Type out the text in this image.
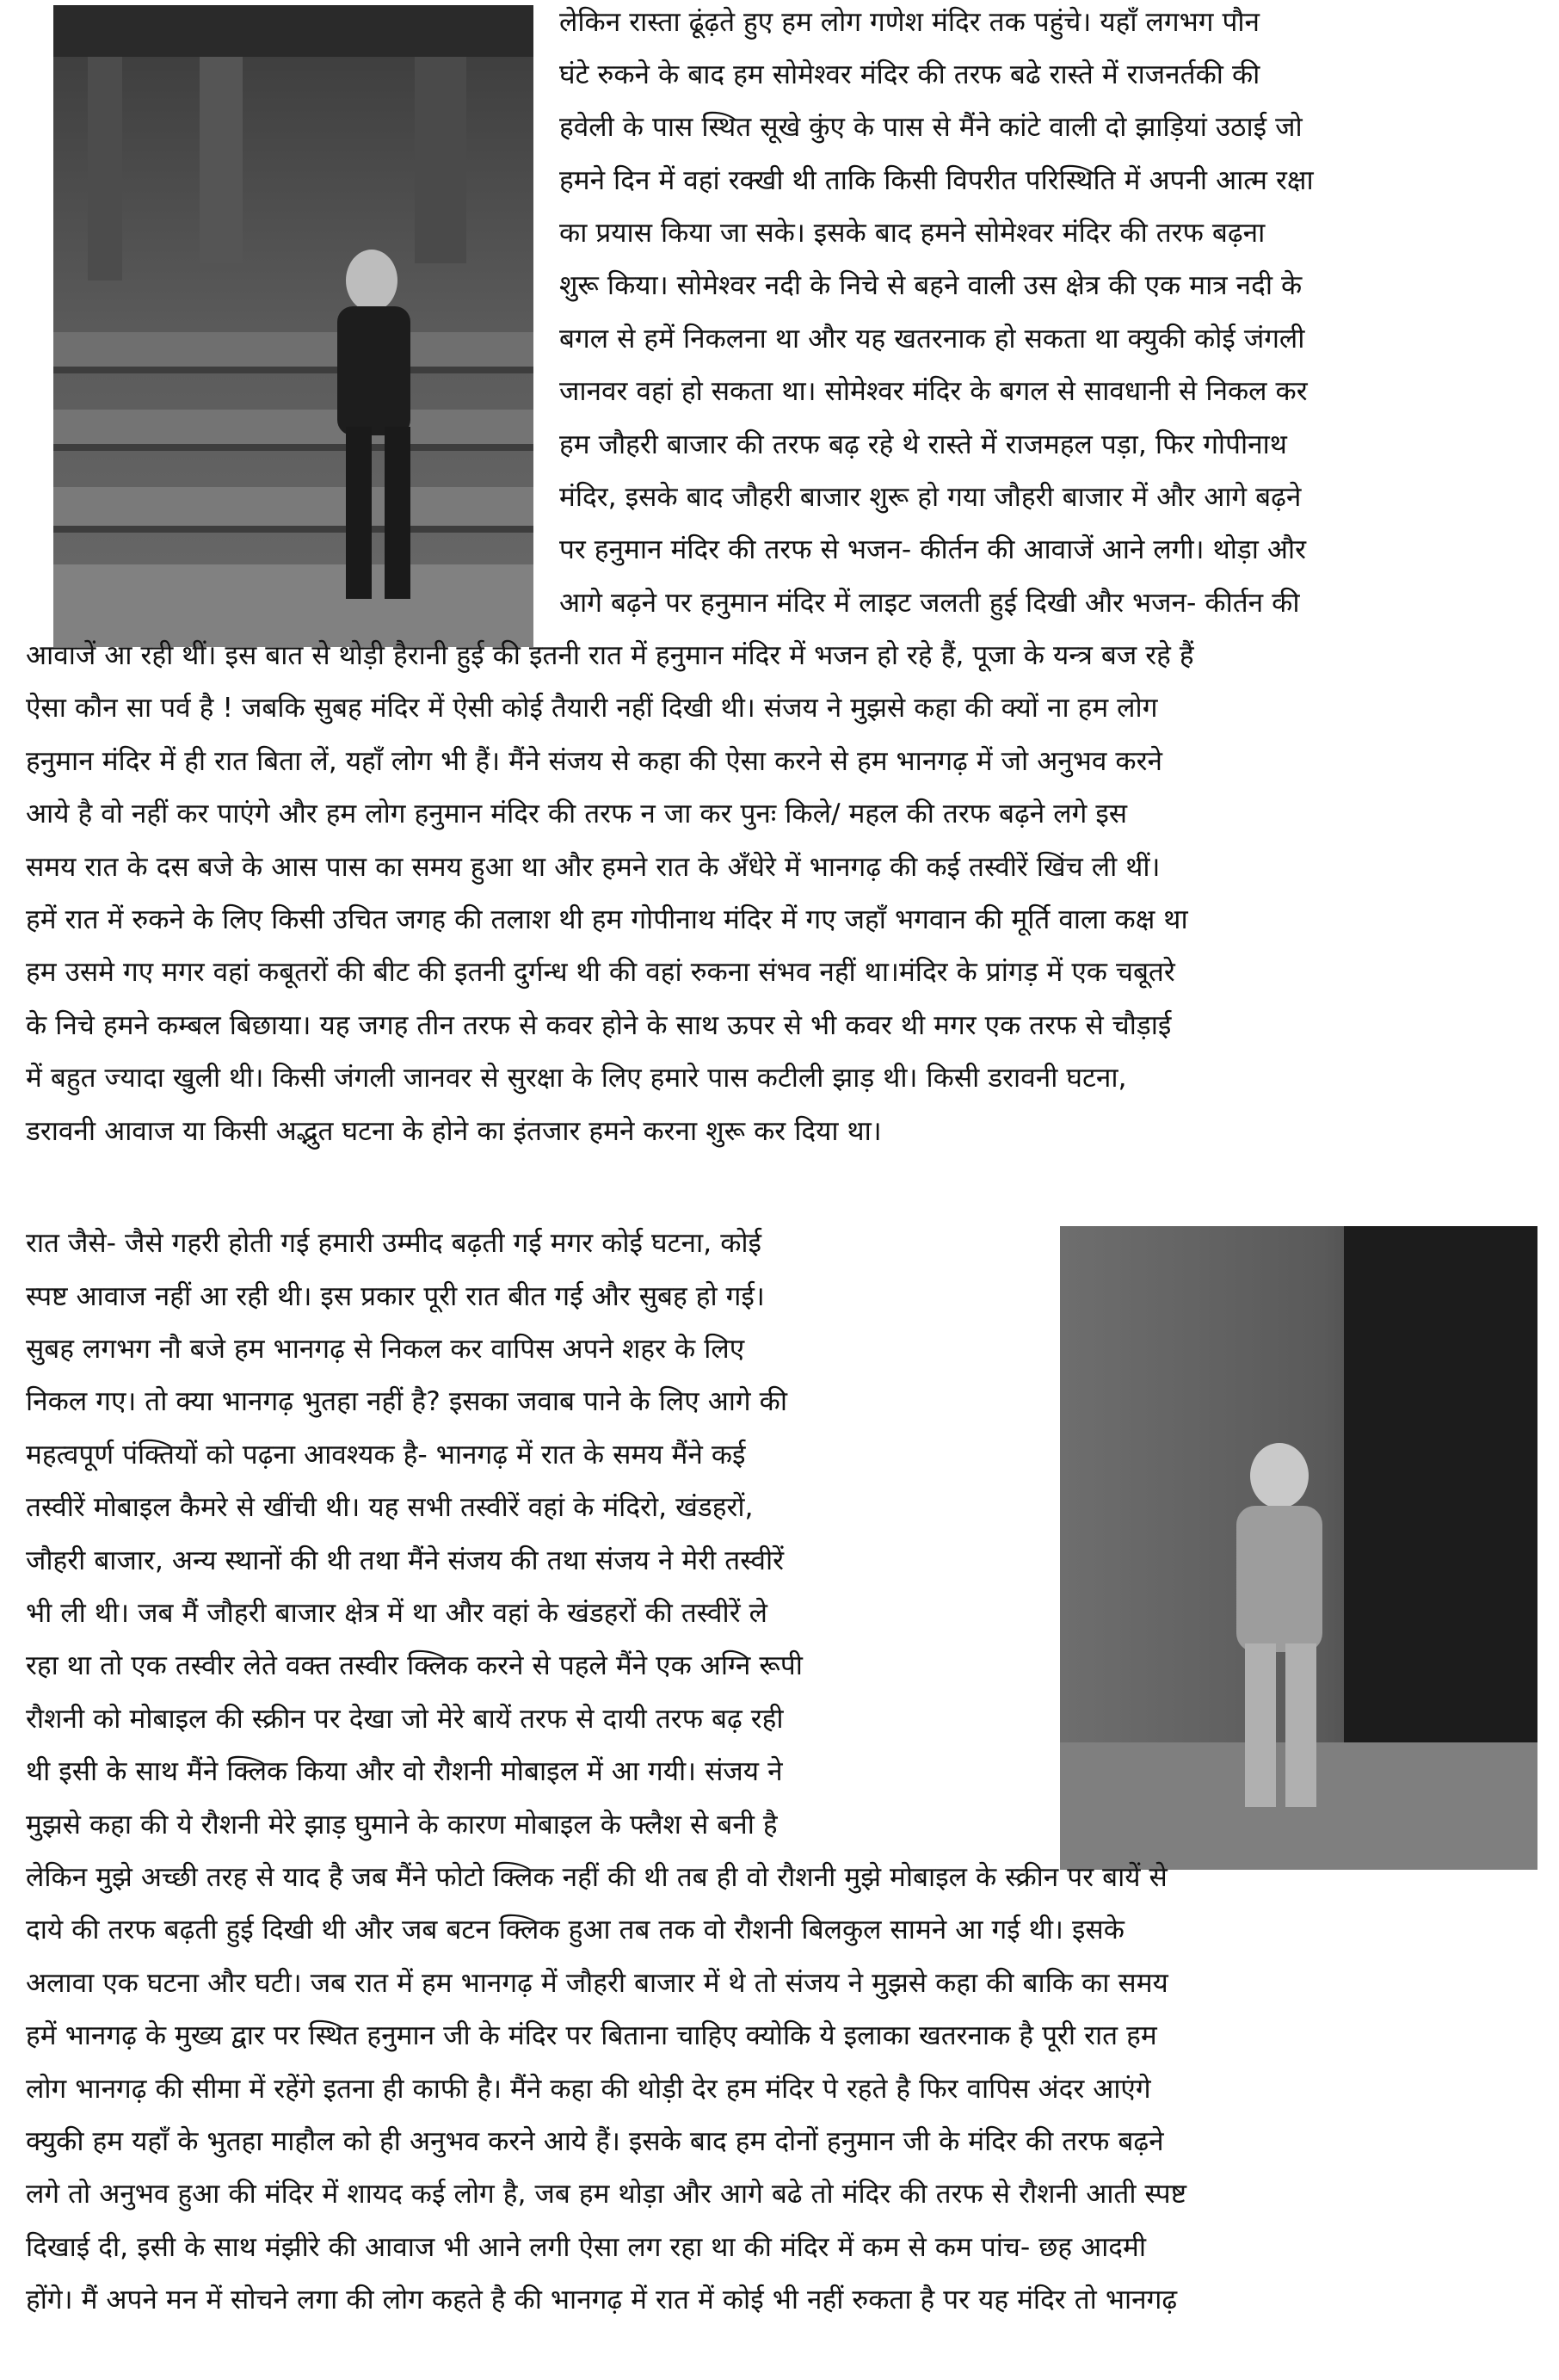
लेकिन रास्ता ढूंढ़ते हुए हम लोग गणेश मंदिर तक पहुंचे। यहाँ लगभग पौन
घंटे रुकने के बाद हम सोमेश्वर मंदिर की तरफ बढे रास्ते में राजनर्तकी की
हवेली के पास स्थित सूखे कुंए के पास से मैंने कांटे वाली दो झाड़ियां उठाई जो
हमने दिन में वहां रक्खी थी ताकि किसी विपरीत परिस्थिति में अपनी आत्म रक्षा
का प्रयास किया जा सके। इसके बाद हमने सोमेश्वर मंदिर की तरफ बढ़ना
शुरू किया। सोमेश्वर नदी के निचे से बहने वाली उस क्षेत्र की एक मात्र नदी के
बगल से हमें निकलना था और यह खतरनाक हो सकता था क्युकी कोई जंगली
जानवर वहां हो सकता था। सोमेश्वर मंदिर के बगल से सावधानी से निकल कर
हम जौहरी बाजार की तरफ बढ़ रहे थे रास्ते में राजमहल पड़ा, फिर गोपीनाथ
मंदिर, इसके बाद जौहरी बाजार शुरू हो गया जौहरी बाजार में और आगे बढ़ने
पर हनुमान मंदिर की तरफ से भजन- कीर्तन की आवाजें आने लगी। थोड़ा और
आगे बढ़ने पर हनुमान मंदिर में लाइट जलती हुई दिखी और भजन- कीर्तन की
आवाजें आ रही थीं। इस बात से थोड़ी हैरानी हुई की इतनी रात में हनुमान मंदिर में भजन हो रहे हैं, पूजा के यन्त्र बज रहे हैं
ऐसा कौन सा पर्व है ! जबकि सुबह मंदिर में ऐसी कोई तैयारी नहीं दिखी थी। संजय ने मुझसे कहा की क्यों ना हम लोग
हनुमान मंदिर में ही रात बिता लें, यहाँ लोग भी हैं। मैंने संजय से कहा की ऐसा करने से हम भानगढ़ में जो अनुभव करने
आये है वो नहीं कर पाएंगे और हम लोग हनुमान मंदिर की तरफ न जा कर पुनः किले/ महल की तरफ बढ़ने लगे इस
समय रात के दस बजे के आस पास का समय हुआ था और हमने रात के अँधेरे में भानगढ़ की कई तस्वीरें खिंच ली थीं।
हमें रात में रुकने के लिए किसी उचित जगह की तलाश थी हम गोपीनाथ मंदिर में गए जहाँ भगवान की मूर्ति वाला कक्ष था
हम उसमे गए मगर वहां कबूतरों की बीट की इतनी दुर्गन्ध थी की वहां रुकना संभव नहीं था।मंदिर के प्रांगड़ में एक चबूतरे
के निचे हमने कम्बल बिछाया। यह जगह तीन तरफ से कवर होने के साथ ऊपर से भी कवर थी मगर एक तरफ से चौड़ाई
में बहुत ज्यादा खुली थी। किसी जंगली जानवर से सुरक्षा के लिए हमारे पास कटीली झाड़ थी। किसी डरावनी घटना,
डरावनी आवाज या किसी अद्भुत घटना के होने का इंतजार हमने करना शुरू कर दिया था।
रात जैसे- जैसे गहरी होती गई हमारी उम्मीद बढ़ती गई मगर कोई घटना, कोई
स्पष्ट आवाज नहीं आ रही थी। इस प्रकार पूरी रात बीत गई और सुबह हो गई।
सुबह लगभग नौ बजे हम भानगढ़ से निकल कर वापिस अपने शहर के लिए
निकल गए। तो क्या भानगढ़ भुतहा नहीं है? इसका जवाब पाने के लिए आगे की
महत्वपूर्ण पंक्तियों को पढ़ना आवश्यक है- भानगढ़ में रात के समय मैंने कई
तस्वीरें मोबाइल कैमरे से खींची थी। यह सभी तस्वीरें वहां के मंदिरो, खंडहरों,
जौहरी बाजार, अन्य स्थानों की थी तथा मैंने संजय की तथा संजय ने मेरी तस्वीरें
भी ली थी। जब मैं जौहरी बाजार क्षेत्र में था और वहां के खंडहरों की तस्वीरें ले
रहा था तो एक तस्वीर लेते वक्त तस्वीर क्लिक करने से पहले मैंने एक अग्नि रूपी
रौशनी को मोबाइल की स्क्रीन पर देखा जो मेरे बायें तरफ से दायी तरफ बढ़ रही
थी इसी के साथ मैंने क्लिक किया और वो रौशनी मोबाइल में आ गयी। संजय ने
मुझसे कहा की ये रौशनी मेरे झाड़ घुमाने के कारण मोबाइल के फ्लैश से बनी है
लेकिन मुझे अच्छी तरह से याद है जब मैंने फोटो क्लिक नहीं की थी तब ही वो रौशनी मुझे मोबाइल के स्क्रीन पर बायें से
दाये की तरफ बढ़ती हुई दिखी थी और जब बटन क्लिक हुआ तब तक वो रौशनी बिलकुल सामने आ गई थी। इसके
अलावा एक घटना और घटी। जब रात में हम भानगढ़ में जौहरी बाजार में थे तो संजय ने मुझसे कहा की बाकि का समय
हमें भानगढ़ के मुख्य द्वार पर स्थित हनुमान जी के मंदिर पर बिताना चाहिए क्योकि ये इलाका खतरनाक है पूरी रात हम
लोग भानगढ़ की सीमा में रहेंगे इतना ही काफी है। मैंने कहा की थोड़ी देर हम मंदिर पे रहते है फिर वापिस अंदर आएंगे
क्युकी हम यहाँ के भुतहा माहौल को ही अनुभव करने आये हैं। इसके बाद हम दोनों हनुमान जी के मंदिर की तरफ बढ़ने
लगे तो अनुभव हुआ की मंदिर में शायद कई लोग है, जब हम थोड़ा और आगे बढे तो मंदिर की तरफ से रौशनी आती स्पष्ट
दिखाई दी, इसी के साथ मंझीरे की आवाज भी आने लगी ऐसा लग रहा था की मंदिर में कम से कम पांच- छह आदमी
होंगे। मैं अपने मन में सोचने लगा की लोग कहते है की भानगढ़ में रात में कोई भी नहीं रुकता है पर यह मंदिर तो भानगढ़
